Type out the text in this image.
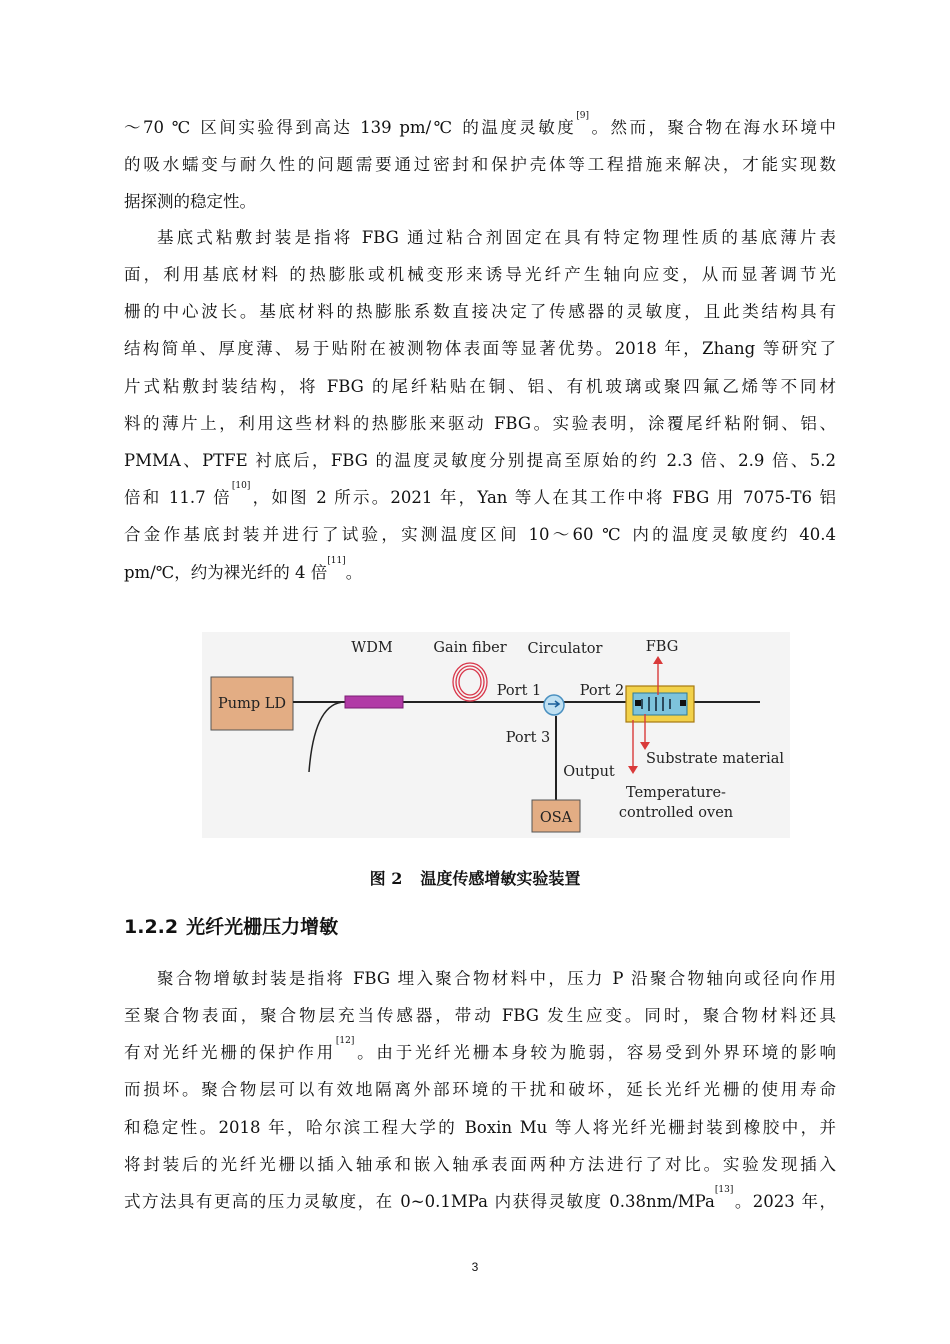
～70 ℃ 区间实验得到高达 139 pm/℃ 的温度灵敏度[9]。然而，聚合物在海水环境中
的吸水蠕变与耐久性的问题需要通过密封和保护壳体等工程措施来解决，才能实现数
据探测的稳定性。
基底式粘敷封装是指将 FBG 通过粘合剂固定在具有特定物理性质的基底薄片表
面，利用基底材料 的热膨胀或机械变形来诱导光纤产生轴向应变，从而显著调节光
栅的中心波长。基底材料的热膨胀系数直接决定了传感器的灵敏度，且此类结构具有
结构简单、厚度薄、易于贴附在被测物体表面等显著优势。2018 年，Zhang 等研究了
片式粘敷封装结构，将 FBG 的尾纤粘贴在铜、铝、有机玻璃或聚四氟乙烯等不同材
料的薄片上，利用这些材料的热膨胀来驱动 FBG。实验表明，涂覆尾纤粘附铜、铝、
PMMA、PTFE 衬底后，FBG 的温度灵敏度分别提高至原始的约 2.3 倍、2.9 倍、5.2
倍和 11.7 倍[10]，如图 2 所示。2021 年，Yan 等人在其工作中将 FBG 用 7075-T6 铝
合金作基底封装并进行了试验，实测温度区间 10～60 ℃ 内的温度灵敏度约 40.4
pm/℃，约为裸光纤的 4 倍[11]。
Pump LD
WDM	Gain fiber Circulator
Port 1	Port 2
Port 3
Output
OSA
FBG
Substrate material
Temperature-
controlled oven
图 2 温度传感增敏实验装置
1.2.2 光纤光栅压力增敏
聚合物增敏封装是指将 FBG 埋入聚合物材料中，压力 P 沿聚合物轴向或径向作用
至聚合物表面，聚合物层充当传感器，带动 FBG 发生应变。同时，聚合物材料还具
有对光纤光栅的保护作用[12]。由于光纤光栅本身较为脆弱，容易受到外界环境的影响
而损坏。聚合物层可以有效地隔离外部环境的干扰和破坏，延长光纤光栅的使用寿命
和稳定性。2018 年，哈尔滨工程大学的 Boxin Mu 等人将光纤光栅封装到橡胶中，并
将封装后的光纤光栅以插入轴承和嵌入轴承表面两种方法进行了对比。实验发现插入
式方法具有更高的压力灵敏度，在 0~0.1MPa 内获得灵敏度 0.38nm/MPa[13]。2023 年，
3
